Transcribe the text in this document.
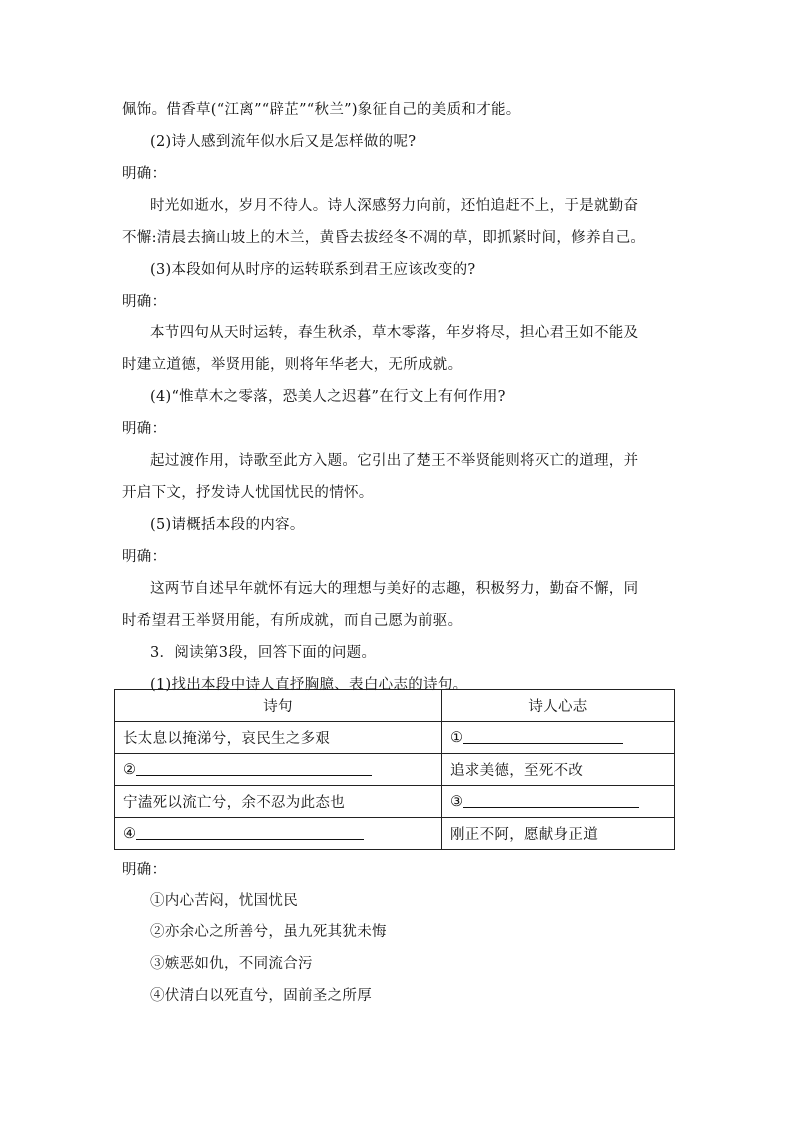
佩饰。借香草(“江离”“辟芷”“秋兰”)象征自己的美质和才能。
(2)诗人感到流年似水后又是怎样做的呢?
明确：
时光如逝水，岁月不待人。诗人深感努力向前，还怕追赶不上，于是就勤奋
不懈:清晨去摘山坡上的木兰，黄昏去拔经冬不凋的草，即抓紧时间，修养自己。
(3)本段如何从时序的运转联系到君王应该改变的?
明确：
本节四句从天时运转，春生秋杀，草木零落，年岁将尽，担心君王如不能及
时建立道德，举贤用能，则将年华老大，无所成就。
(4)“惟草木之零落，恐美人之迟暮”在行文上有何作用?
明确：
起过渡作用，诗歌至此方入题。它引出了楚王不举贤能则将灭亡的道理，并
开启下文，抒发诗人忧国忧民的情怀。
(5)请概括本段的内容。
明确：
这两节自述早年就怀有远大的理想与美好的志趣，积极努力，勤奋不懈，同
时希望君王举贤用能，有所成就，而自己愿为前驱。
3．阅读第3段，回答下面的问题。
(1)找出本段中诗人直抒胸臆、表白心志的诗句。
诗句	诗人心志
长太息以掩涕兮，哀民生之多艰	①
②	追求美德，至死不改
宁溘死以流亡兮，余不忍为此态也	③
④	刚正不阿，愿献身正道
明确：
①内心苦闷，忧国忧民
②亦余心之所善兮，虽九死其犹未悔
③嫉恶如仇，不同流合污
④伏清白以死直兮，固前圣之所厚
